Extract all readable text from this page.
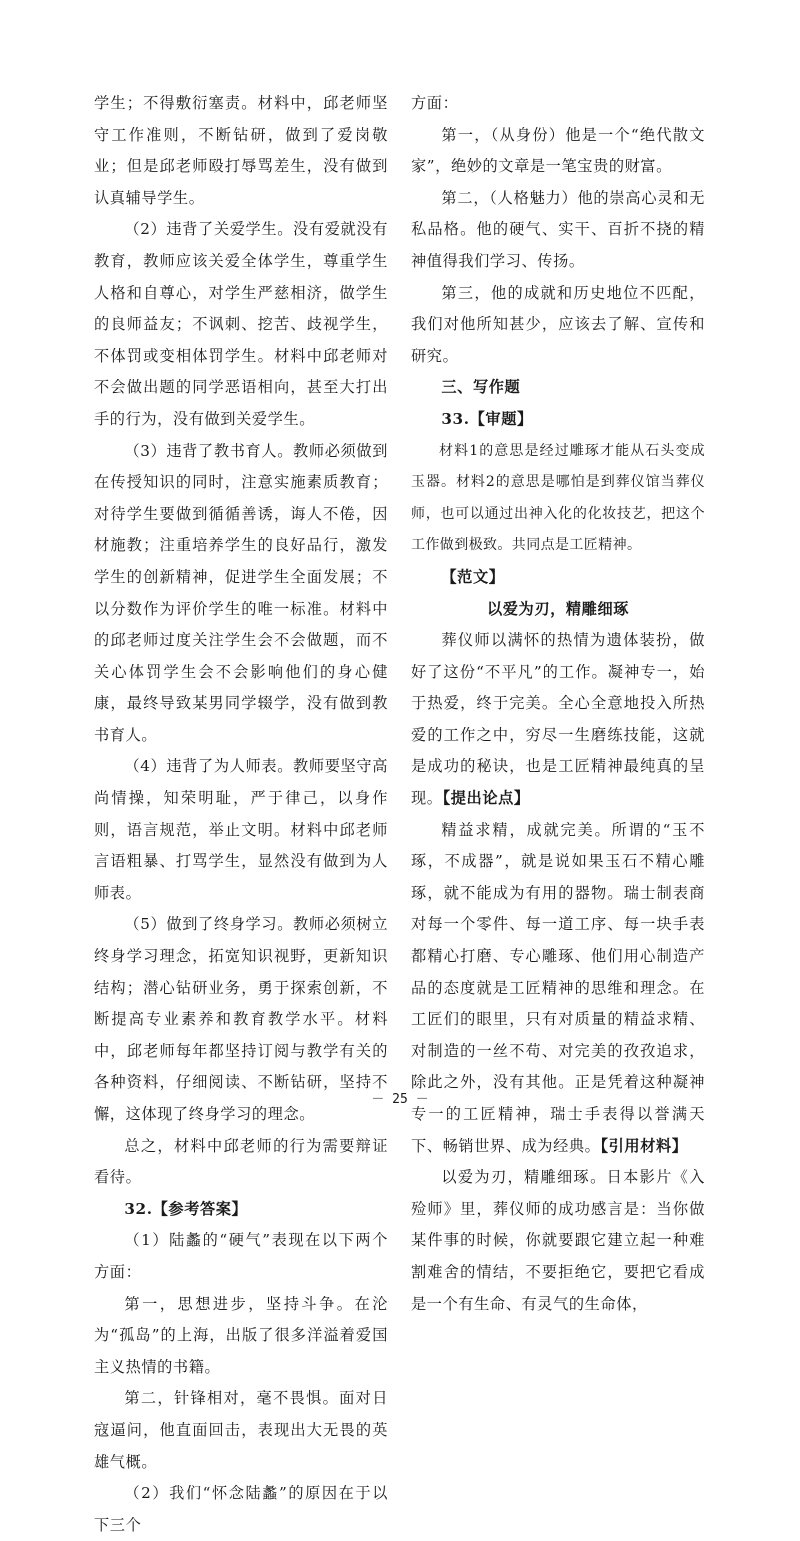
学生；不得敷衍塞责。材料中，邱老师坚守工作准则，不断钻研，做到了爱岗敬业；但是邱老师殴打辱骂差生，没有做到认真辅导学生。

（2）违背了关爱学生。没有爱就没有教育，教师应该关爱全体学生，尊重学生人格和自尊心，对学生严慈相济，做学生的良师益友；不讽刺、挖苦、歧视学生，不体罚或变相体罚学生。材料中邱老师对不会做出题的同学恶语相向，甚至大打出手的行为，没有做到关爱学生。

（3）违背了教书育人。教师必须做到在传授知识的同时，注意实施素质教育；对待学生要做到循循善诱，诲人不倦，因材施教；注重培养学生的良好品行，激发学生的创新精神，促进学生全面发展；不以分数作为评价学生的唯一标准。材料中的邱老师过度关注学生会不会做题，而不关心体罚学生会不会影响他们的身心健康，最终导致某男同学辍学，没有做到教书育人。

（4）违背了为人师表。教师要坚守高尚情操，知荣明耻，严于律己，以身作则，语言规范，举止文明。材料中邱老师言语粗暴、打骂学生，显然没有做到为人师表。

（5）做到了终身学习。教师必须树立终身学习理念，拓宽知识视野，更新知识结构；潜心钻研业务，勇于探索创新，不断提高专业素养和教育教学水平。材料中，邱老师每年都坚持订阅与教学有关的各种资料，仔细阅读、不断钻研，坚持不懈，这体现了终身学习的理念。

总之，材料中邱老师的行为需要辩证看待。

32.【参考答案】

（1）陆蠡的“硬气”表现在以下两个方面：

第一，思想进步，坚持斗争。在沦为“孤岛”的上海，出版了很多洋溢着爱国主义热情的书籍。

第二，针锋相对，毫不畏惧。面对日寇逼问，他直面回击，表现出大无畏的英雄气概。

（2）我们“怀念陆蠡”的原因在于以下三个

方面：

第一，（从身份）他是一个“绝代散文家”，绝妙的文章是一笔宝贵的财富。

第二，（人格魅力）他的崇高心灵和无私品格。他的硬气、实干、百折不挠的精神值得我们学习、传扬。

第三，他的成就和历史地位不匹配，我们对他所知甚少，应该去了解、宣传和研究。

三、写作题

33.【审题】

材料1的意思是经过雕琢才能从石头变成玉器。材料2的意思是哪怕是到葬仪馆当葬仪师，也可以通过出神入化的化妆技艺，把这个工作做到极致。共同点是工匠精神。

【范文】

以爱为刃，精雕细琢

葬仪师以满怀的热情为遗体装扮，做好了这份“不平凡”的工作。凝神专一，始于热爱，终于完美。全心全意地投入所热爱的工作之中，穷尽一生磨练技能，这就是成功的秘诀，也是工匠精神最纯真的呈现。【提出论点】

精益求精，成就完美。所谓的“玉不琢，不成器”，就是说如果玉石不精心雕琢，就不能成为有用的器物。瑞士制表商对每一个零件、每一道工序、每一块手表都精心打磨、专心雕琢、他们用心制造产品的态度就是工匠精神的思维和理念。在工匠们的眼里，只有对质量的精益求精、对制造的一丝不苟、对完美的孜孜追求，除此之外，没有其他。正是凭着这种凝神专一的工匠精神，瑞士手表得以誉满天下、畅销世界、成为经典。【引用材料】

以爱为刃，精雕细琢。日本影片《入殓师》里，葬仪师的成功感言是：当你做某件事的时候，你就要跟它建立起一种难割难舍的情结，不要拒绝它，要把它看成是一个有生命、有灵气的生命体，

－ 25 －
